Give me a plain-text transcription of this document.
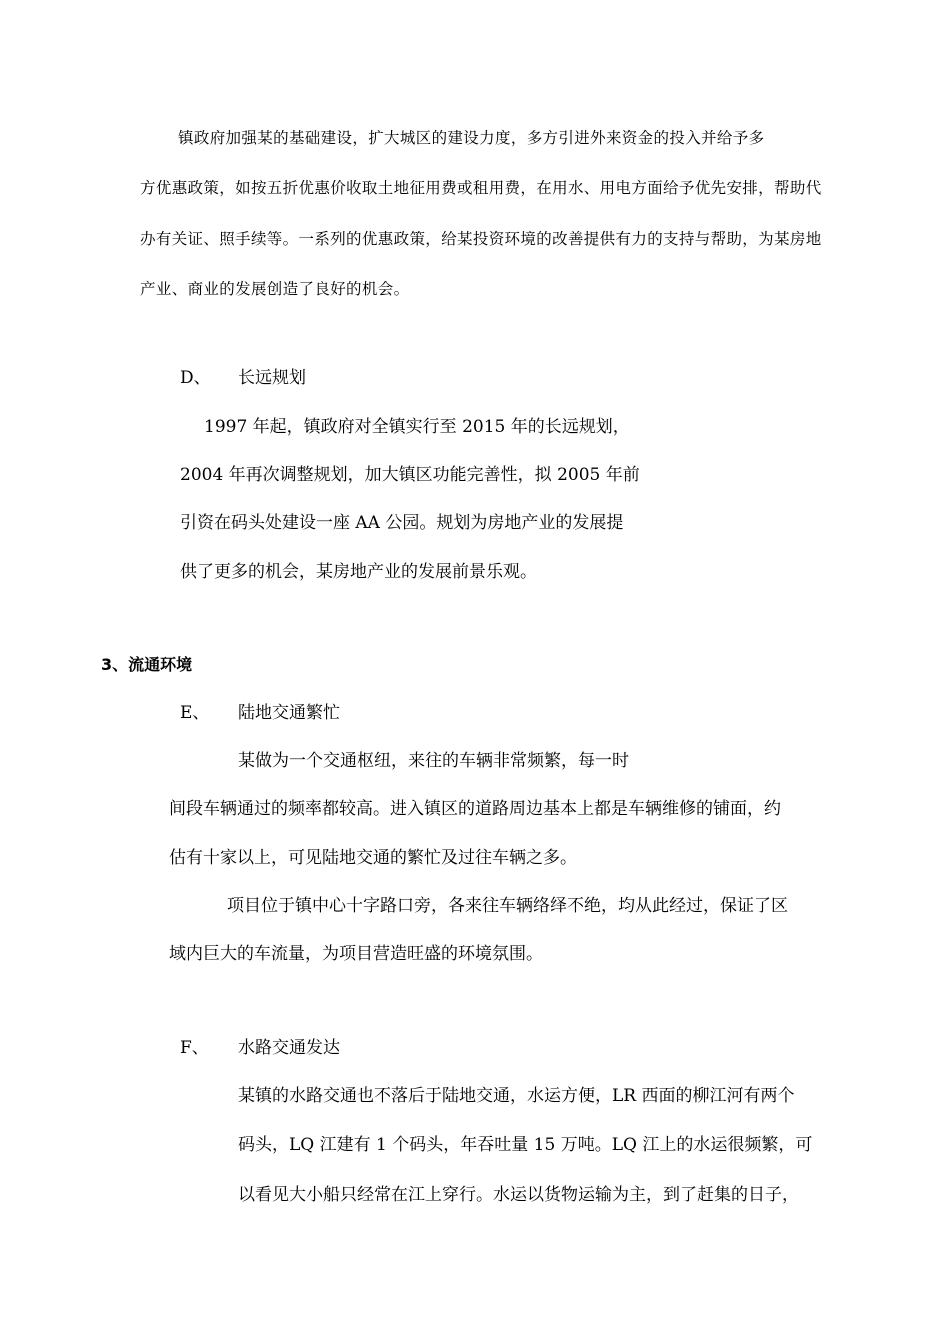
镇政府加强某的基础建设，扩大城区的建设力度，多方引进外来资金的投入并给予多
方优惠政策，如按五折优惠价收取土地征用费或租用费，在用水、用电方面给予优先安排，帮助代
办有关证、照手续等。一系列的优惠政策，给某投资环境的改善提供有力的支持与帮助，为某房地
产业、商业的发展创造了良好的机会。
D、 长远规划
1997 年起，镇政府对全镇实行至 2015 年的长远规划，
2004 年再次调整规划，加大镇区功能完善性，拟 2005 年前
引资在码头处建设一座 AA 公园。规划为房地产业的发展提
供了更多的机会，某房地产业的发展前景乐观。
3、流通环境
E、 陆地交通繁忙
某做为一个交通枢纽，来往的车辆非常频繁，每一时
间段车辆通过的频率都较高。进入镇区的道路周边基本上都是车辆维修的铺面，约
估有十家以上，可见陆地交通的繁忙及过往车辆之多。
项目位于镇中心十字路口旁，各来往车辆络绎不绝，均从此经过，保证了区
域内巨大的车流量，为项目营造旺盛的环境氛围。
F、 水路交通发达
某镇的水路交通也不落后于陆地交通，水运方便，LR 西面的柳江河有两个
码头，LQ 江建有 1 个码头，年吞吐量 15 万吨。LQ 江上的水运很频繁，可
以看见大小船只经常在江上穿行。水运以货物运输为主，到了赶集的日子，
